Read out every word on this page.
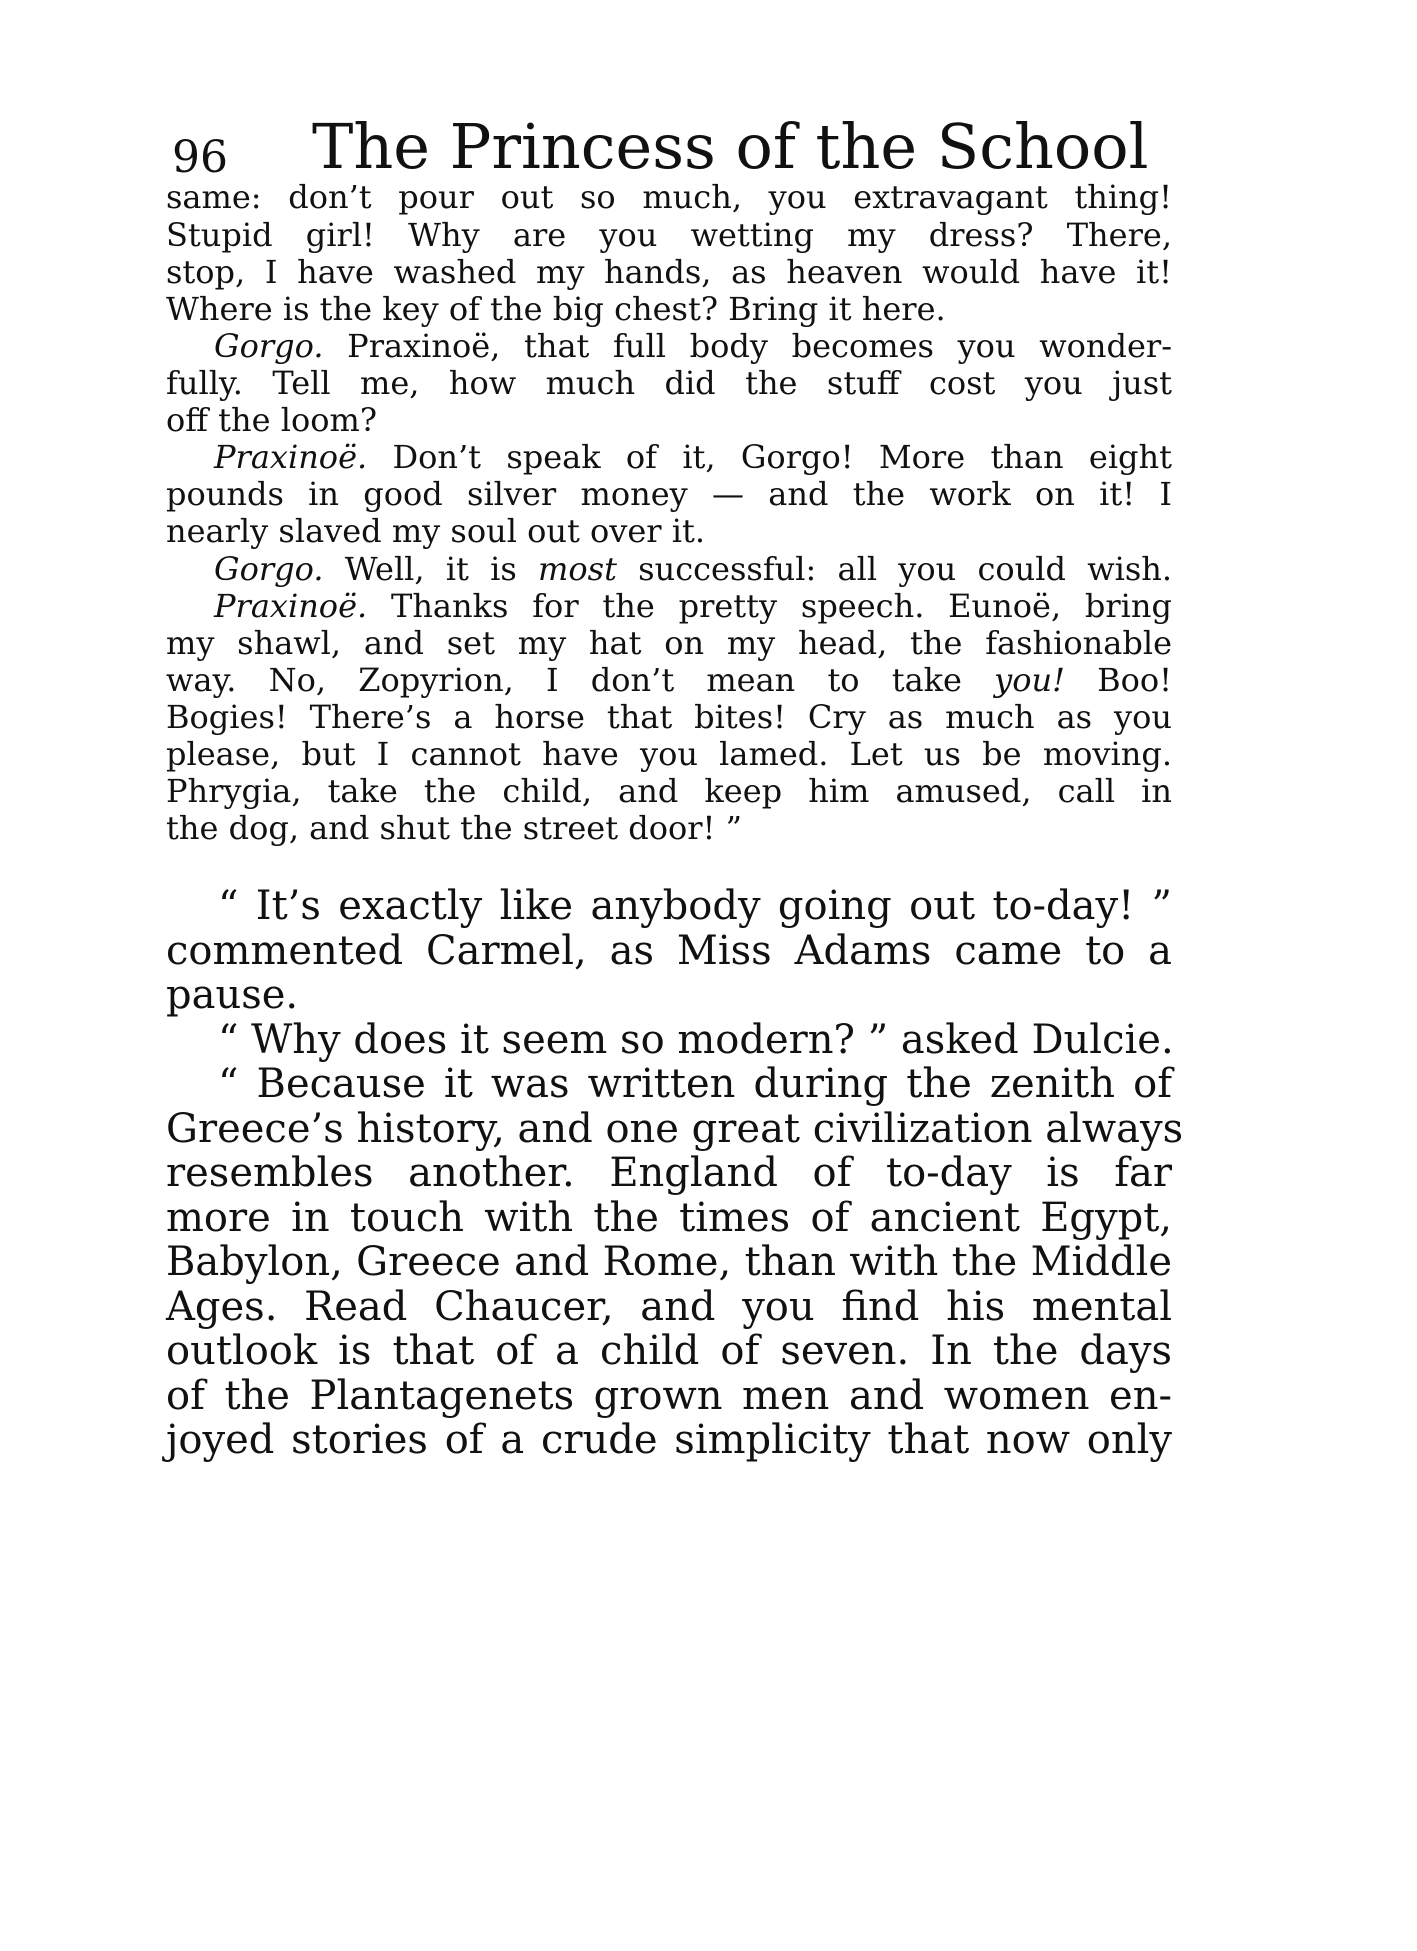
96 The Princess of the School
same: don’t pour out so much, you extravagant thing!
Stupid girl! Why are you wetting my dress? There,
stop, I have washed my hands, as heaven would have it!
Where is the key of the big chest? Bring it here.
Gorgo. Praxinoë, that full body becomes you wonder-
fully. Tell me, how much did the stuff cost you just
off the loom?
Praxinoë. Don’t speak of it, Gorgo! More than eight
pounds in good silver money — and the work on it! I
nearly slaved my soul out over it.
Gorgo. Well, it is most successful: all you could wish.
Praxinoë. Thanks for the pretty speech. Eunoë, bring
my shawl, and set my hat on my head, the fashionable
way. No, Zopyrion, I don’t mean to take you! Boo!
Bogies! There’s a horse that bites! Cry as much as you
please, but I cannot have you lamed. Let us be moving.
Phrygia, take the child, and keep him amused, call in
the dog, and shut the street door! ”
“ It’s exactly like anybody going out to-day! ”
commented Carmel, as Miss Adams came to a
pause.
“ Why does it seem so modern? ” asked Dulcie.
“ Because it was written during the zenith of
Greece’s history, and one great civilization always
resembles another. England of to-day is far
more in touch with the times of ancient Egypt,
Babylon, Greece and Rome, than with the Middle
Ages. Read Chaucer, and you find his mental
outlook is that of a child of seven. In the days
of the Plantagenets grown men and women en-
joyed stories of a crude simplicity that now only
